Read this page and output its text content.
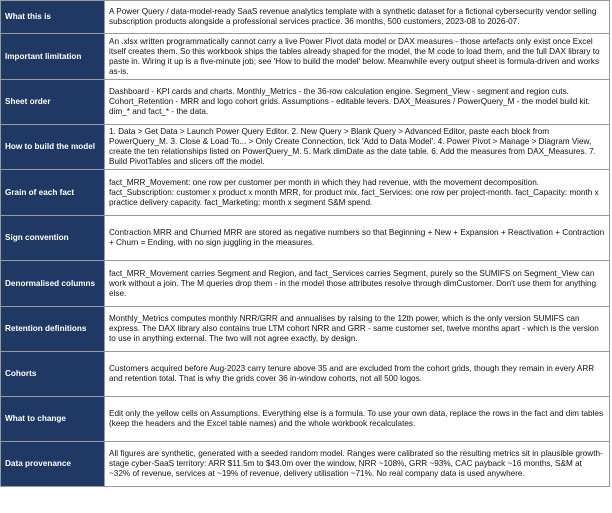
What this is	A Power Query / data-model-ready SaaS revenue analytics template with a synthetic dataset for a fictional cybersecurity vendor selling subscription products alongside a professional services practice. 36 months, 500 customers, 2023-08 to 2026-07.
Important limitation	An .xlsx written programmatically cannot carry a live Power Pivot data model or DAX measures - those artefacts only exist once Excel itself creates them. So this workbook ships the tables already shaped for the model, the M code to load them, and the full DAX library to paste in. Wiring it up is a five-minute job; see 'How to build the model' below. Meanwhile every output sheet is formula-driven and works as-is.
Sheet order	Dashboard - KPI cards and charts. Monthly_Metrics - the 36-row calculation engine. Segment_View - segment and region cuts. Cohort_Retention - MRR and logo cohort grids. Assumptions - editable levers. DAX_Measures / PowerQuery_M - the model build kit. dim_* and fact_* - the data.
How to build the model	1. Data > Get Data > Launch Power Query Editor. 2. New Query > Blank Query > Advanced Editor, paste each block from PowerQuery_M. 3. Close & Load To... > Only Create Connection, tick 'Add to Data Model'. 4. Power Pivot > Manage > Diagram View, create the ten relationships listed on PowerQuery_M. 5. Mark dimDate as the date table. 6. Add the measures from DAX_Measures. 7. Build PivotTables and slicers off the model.
Grain of each fact	fact_MRR_Movement: one row per customer per month in which they had revenue, with the movement decomposition. fact_Subscription: customer x product x month MRR, for product mix. fact_Services: one row per project-month. fact_Capacity: month x practice delivery capacity. fact_Marketing: month x segment S&M spend.
Sign convention	Contraction MRR and Churned MRR are stored as negative numbers so that Beginning + New + Expansion + Reactivation + Contraction + Churn = Ending, with no sign juggling in the measures.
Denormalised columns	fact_MRR_Movement carries Segment and Region, and fact_Services carries Segment, purely so the SUMIFS on Segment_View can work without a join. The M queries drop them - in the model those attributes resolve through dimCustomer. Don't use them for anything else.
Retention definitions	Monthly_Metrics computes monthly NRR/GRR and annualises by raising to the 12th power, which is the only version SUMIFS can express. The DAX library also contains true LTM cohort NRR and GRR - same customer set, twelve months apart - which is the version to use in anything external. The two will not agree exactly, by design.
Cohorts	Customers acquired before Aug-2023 carry tenure above 35 and are excluded from the cohort grids, though they remain in every ARR and retention total. That is why the grids cover 36 in-window cohorts, not all 500 logos.
What to change	Edit only the yellow cells on Assumptions. Everything else is a formula. To use your own data, replace the rows in the fact and dim tables (keep the headers and the Excel table names) and the whole workbook recalculates.
Data provenance	All figures are synthetic, generated with a seeded random model. Ranges were calibrated so the resulting metrics sit in plausible growth-stage cyber-SaaS territory: ARR $11.5m to $43.0m over the window, NRR ~108%, GRR ~93%, CAC payback ~16 months, S&M at ~32% of revenue, services at ~19% of revenue, delivery utilisation ~71%. No real company data is used anywhere.
